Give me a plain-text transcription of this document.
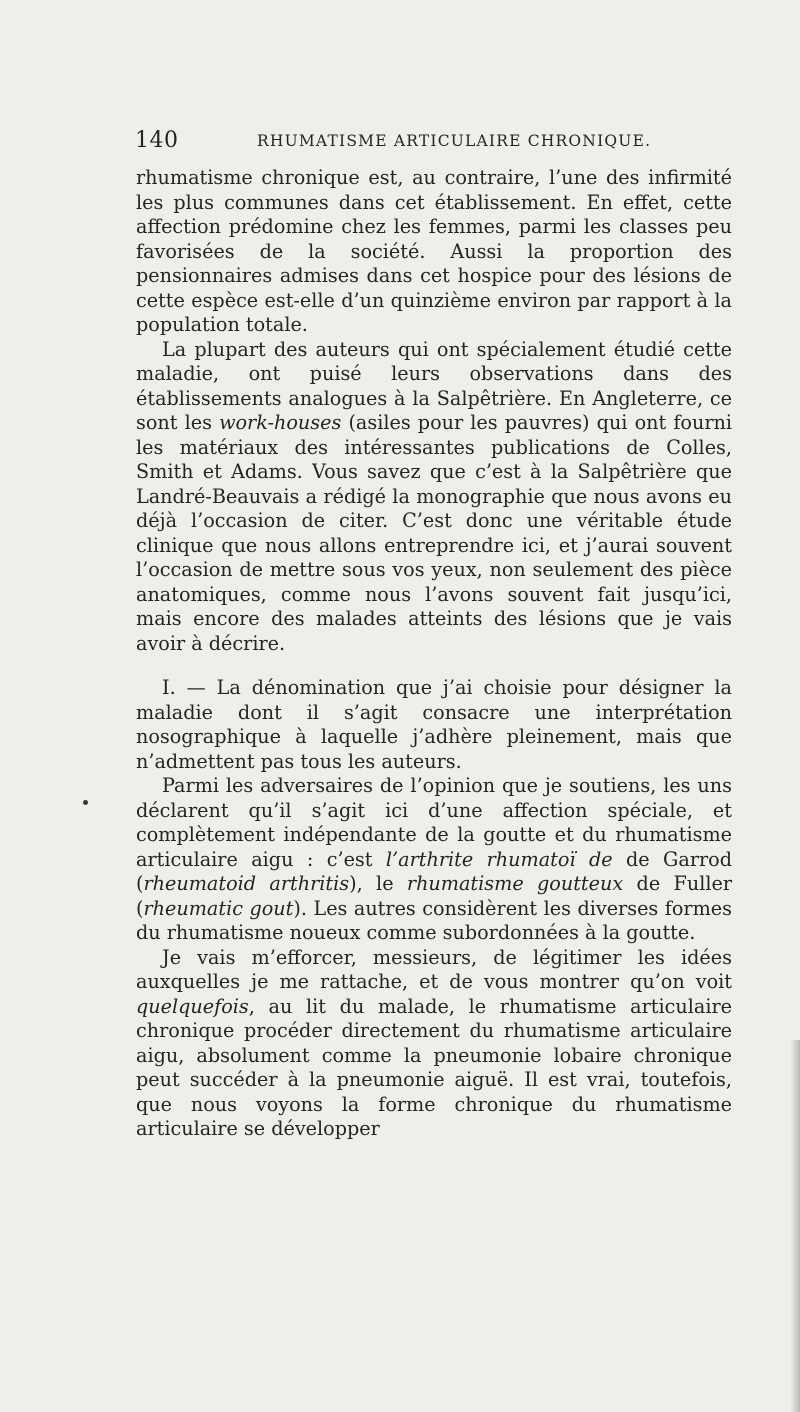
140	RHUMATISME ARTICULAIRE CHRONIQUE.

rhumatisme chronique est, au contraire, l’une des infirmité les plus communes dans cet établissement. En effet, cette affection prédomine chez les femmes, parmi les classes peu favorisées de la société. Aussi la proportion des pensionnaires admises dans cet hospice pour des lésions de cette espèce est-elle d’un quinzième environ par rapport à la population totale.

La plupart des auteurs qui ont spécialement étudié cette maladie, ont puisé leurs observations dans des établissements analogues à la Salpêtrière. En Angleterre, ce sont les work-houses (asiles pour les pauvres) qui ont fourni les matériaux des intéressantes publications de Colles, Smith et Adams. Vous savez que c’est à la Salpêtrière que Landré-Beauvais a rédigé la monographie que nous avons eu déjà l’occasion de citer. C’est donc une véritable étude clinique que nous allons entreprendre ici, et j’aurai souvent l’occasion de mettre sous vos yeux, non seulement des pièce anatomiques, comme nous l’avons souvent fait jusqu’ici, mais encore des malades atteints des lésions que je vais avoir à décrire.

I. — La dénomination que j’ai choisie pour désigner la maladie dont il s’agit consacre une interprétation nosographique à laquelle j’adhère pleinement, mais que n’admettent pas tous les auteurs.

Parmi les adversaires de l’opinion que je soutiens, les uns déclarent qu’il s’agit ici d’une affection spéciale, et complètement indépendante de la goutte et du rhumatisme articulaire aigu : c’est l’arthrite rhumatoï de de Garrod (rheumatoid arthritis), le rhumatisme goutteux de Fuller (rheumatic gout). Les autres considèrent les diverses formes du rhumatisme noueux comme subordonnées à la goutte.

Je vais m’efforcer, messieurs, de légitimer les idées auxquelles je me rattache, et de vous montrer qu’on voit quelquefois, au lit du malade, le rhumatisme articulaire chronique procéder directement du rhumatisme articulaire aigu, absolument comme la pneumonie lobaire chronique peut succéder à la pneumonie aiguë. Il est vrai, toutefois, que nous voyons la forme chronique du rhumatisme articulaire se développer
